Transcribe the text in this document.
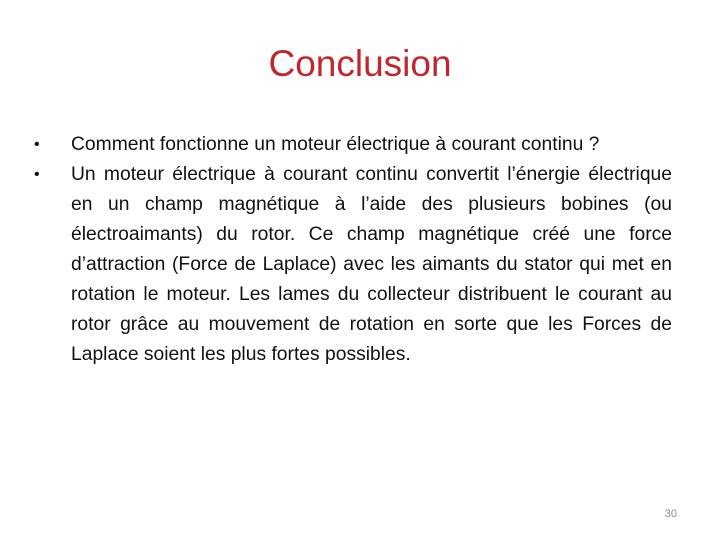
Conclusion
•	Comment fonctionne un moteur électrique à courant continu ?
•	Un moteur électrique à courant continu convertit l’énergie électrique en un champ magnétique à l’aide des plusieurs bobines (ou électroaimants) du rotor. Ce champ magnétique créé une force d’attraction (Force de Laplace) avec les aimants du stator qui met en rotation le moteur. Les lames du collecteur distribuent le courant au rotor grâce au mouvement de rotation en sorte que les Forces de Laplace soient les plus fortes possibles.
30
